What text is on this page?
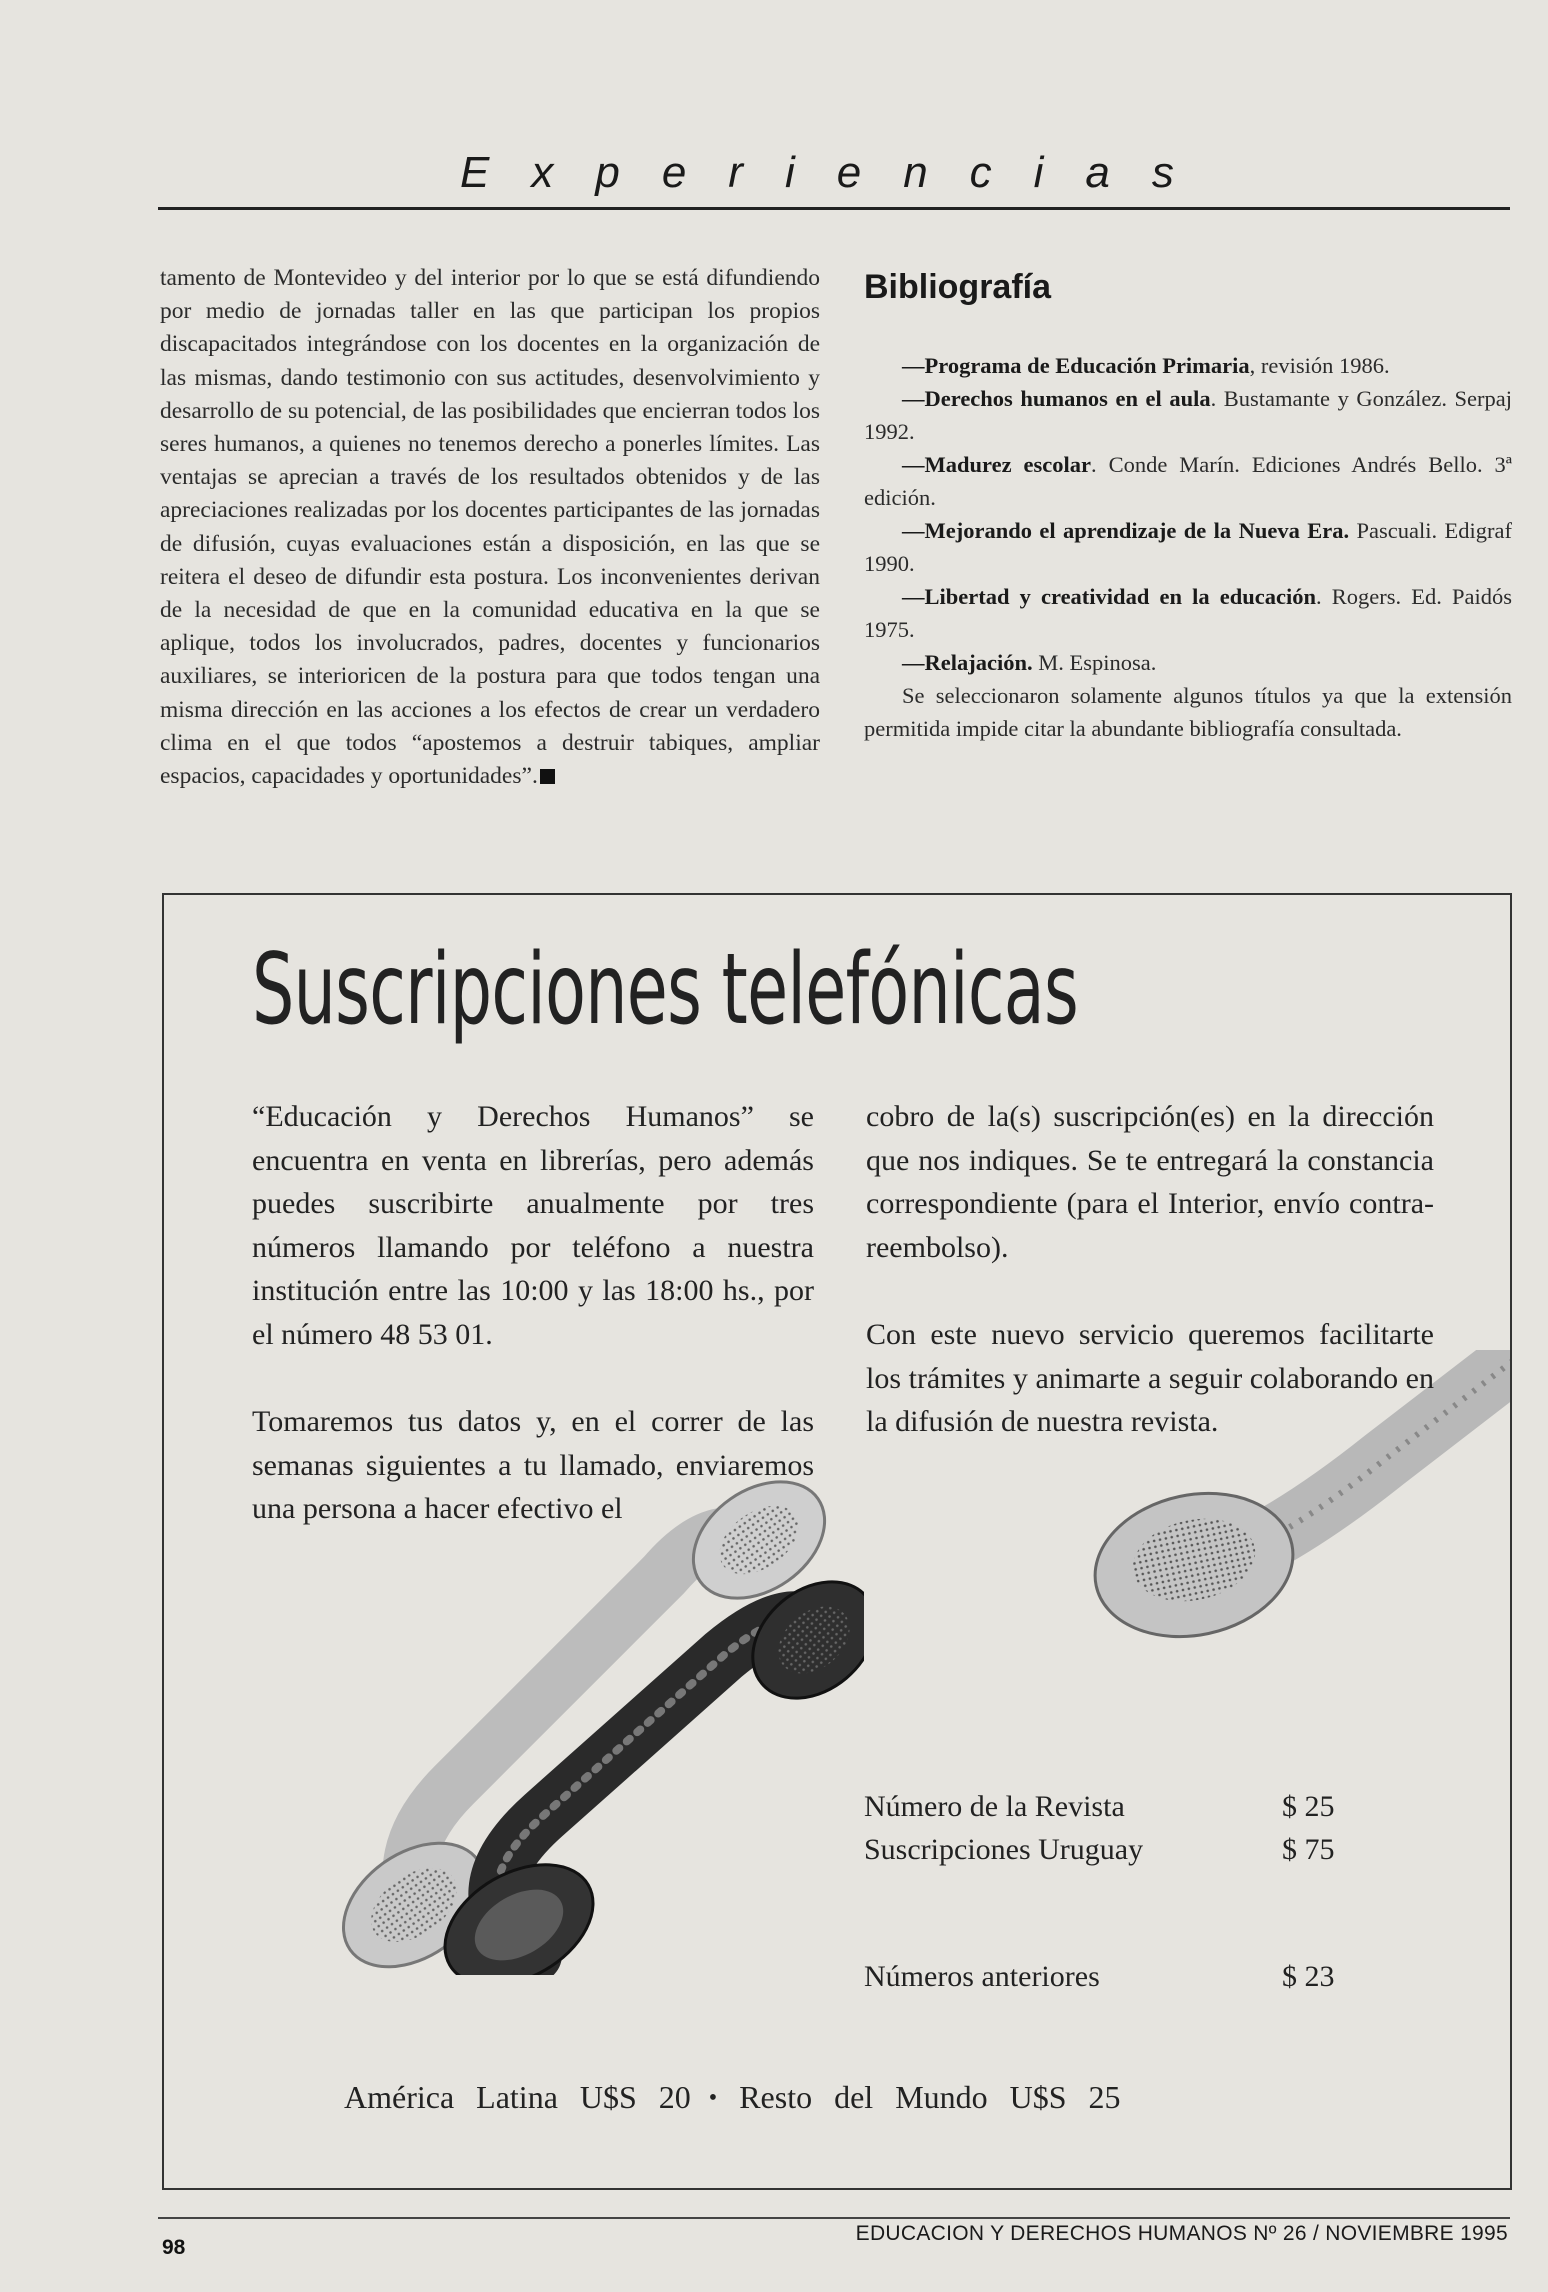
Experiencias
tamento de Montevideo y del interior por lo que se está difundiendo por medio de jornadas taller en las que participan los propios discapacitados integrándose con los docentes en la organización de las mismas, dando testimonio con sus actitudes, desenvolvimiento y desarrollo de su potencial, de las posibilidades que encierran todos los seres humanos, a quienes no tenemos derecho a ponerles límites. Las ventajas se aprecian a través de los resultados obtenidos y de las apreciaciones realizadas por los docentes participantes de las jornadas de difusión, cuyas evaluaciones están a disposición, en las que se reitera el deseo de difundir esta postura. Los inconvenientes derivan de la necesidad de que en la comunidad educativa en la que se aplique, todos los involucrados, padres, docentes y funcionarios auxiliares, se interioricen de la postura para que todos tengan una misma dirección en las acciones a los efectos de crear un verdadero clima en el que todos “apostemos a destruir tabiques, ampliar espacios, capacidades y oportunidades”.
Bibliografía
—Programa de Educación Primaria, revisión 1986.
—Derechos humanos en el aula. Bustamante y González. Serpaj 1992.
—Madurez escolar. Conde Marín. Ediciones Andrés Bello. 3ª edición.
—Mejorando el aprendizaje de la Nueva Era. Pascuali. Edigraf 1990.
—Libertad y creatividad en la educación. Rogers. Ed. Paidós 1975.
—Relajación. M. Espinosa.

Se seleccionaron solamente algunos títulos ya que la extensión permitida impide citar la abundante bibliografía consultada.

Suscripciones telefónicas

“Educación y Derechos Humanos” se encuentra en venta en librerías, pero además puedes suscribirte anualmente por tres números llamando por teléfono a nuestra institución entre las 10:00 y las 18:00 hs., por el número 48 53 01.

Tomaremos tus datos y, en el correr de las semanas siguientes a tu llamado, enviaremos una persona a hacer efectivo el

cobro de la(s) suscripción(es) en la dirección que nos indiques. Se te entregará la constancia correspondiente (para el Interior, envío contra-reembolso).

Con este nuevo servicio queremos facilitarte los trámites y animarte a seguir colaborando en la difusión de nuestra revista.

Número de la Revista	$ 25
Suscripciones Uruguay	$ 75
Números anteriores	$ 23
América Latina U$S 20 • Resto del Mundo U$S 25
98
EDUCACION Y DERECHOS HUMANOS Nº 26 / NOVIEMBRE 1995
